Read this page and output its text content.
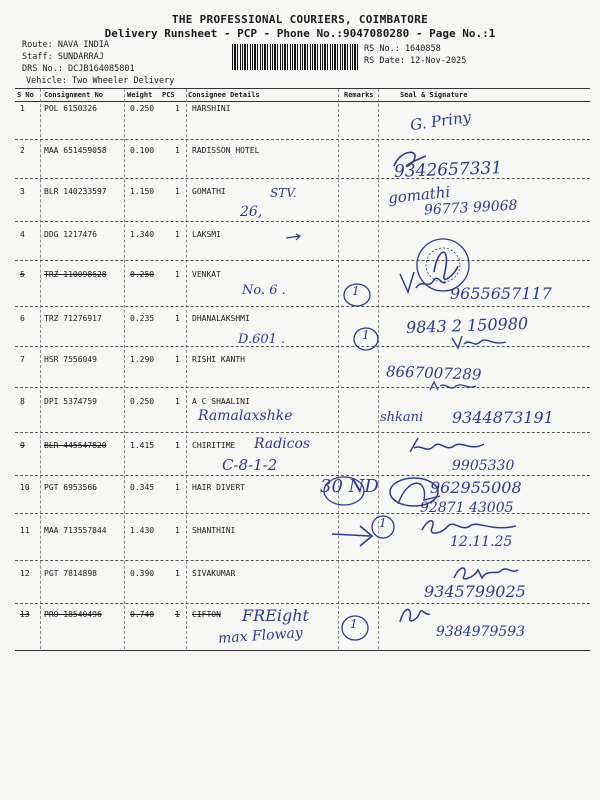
THE PROFESSIONAL COURIERS, COIMBATORE
Delivery Runsheet - PCP - Phone No.:9047080280 - Page No.:1
Route: NAVA INDIA
Staff: SUNDARRAJ
DRS No.: DCJB164085801
Vehicle: Two Wheeler Delivery
RS No.: 1640858
RS Date: 12-Nov-2025
S No Consignment No	Weight PCS Consignee Details	Remarks	Seal & Signature
1 POL 6150326	0.250	1 HARSHINI
2 MAA 651459058	0.100	1 RADISSON HOTEL
3 BLR 140233597	1.150	1 GOMATHI
4 DDG 1217476	1.340	1 LAKSMI
5 TRZ 110098628	0.250	1 VENKAT
6 TRZ 71276917	0.235	1 DHANALAKSHMI
7 HSR 7556049	1.290	1 RISHI KANTH
8 DPI 5374759	0.250	1 A C SHAALINI
9 BLR 445547820	1.415	1 CHIRITIME
10 PGT 6953566	0.345	1 HAIR DIVERT
11 MAA 713557844	1.430	1 SHANTHINI
12 PGT 7814898	0.390	1 SIVAKUMAR
13 PRO 18540496	0.740	1 CIFTON
G. Priny
9342657331
STV.
26,
gomathi
96773 99068
No. 6 .	1	9655657117
D.601 .	1 9843 2 150980
8667007289
Ramalaxshke	shkani 9344873191
Radicos
C-8-1-2	9905330
30 ND	962955008
92871 43005
1
12.11.25
9345799025
FREight
max Floway
1	9384979593
